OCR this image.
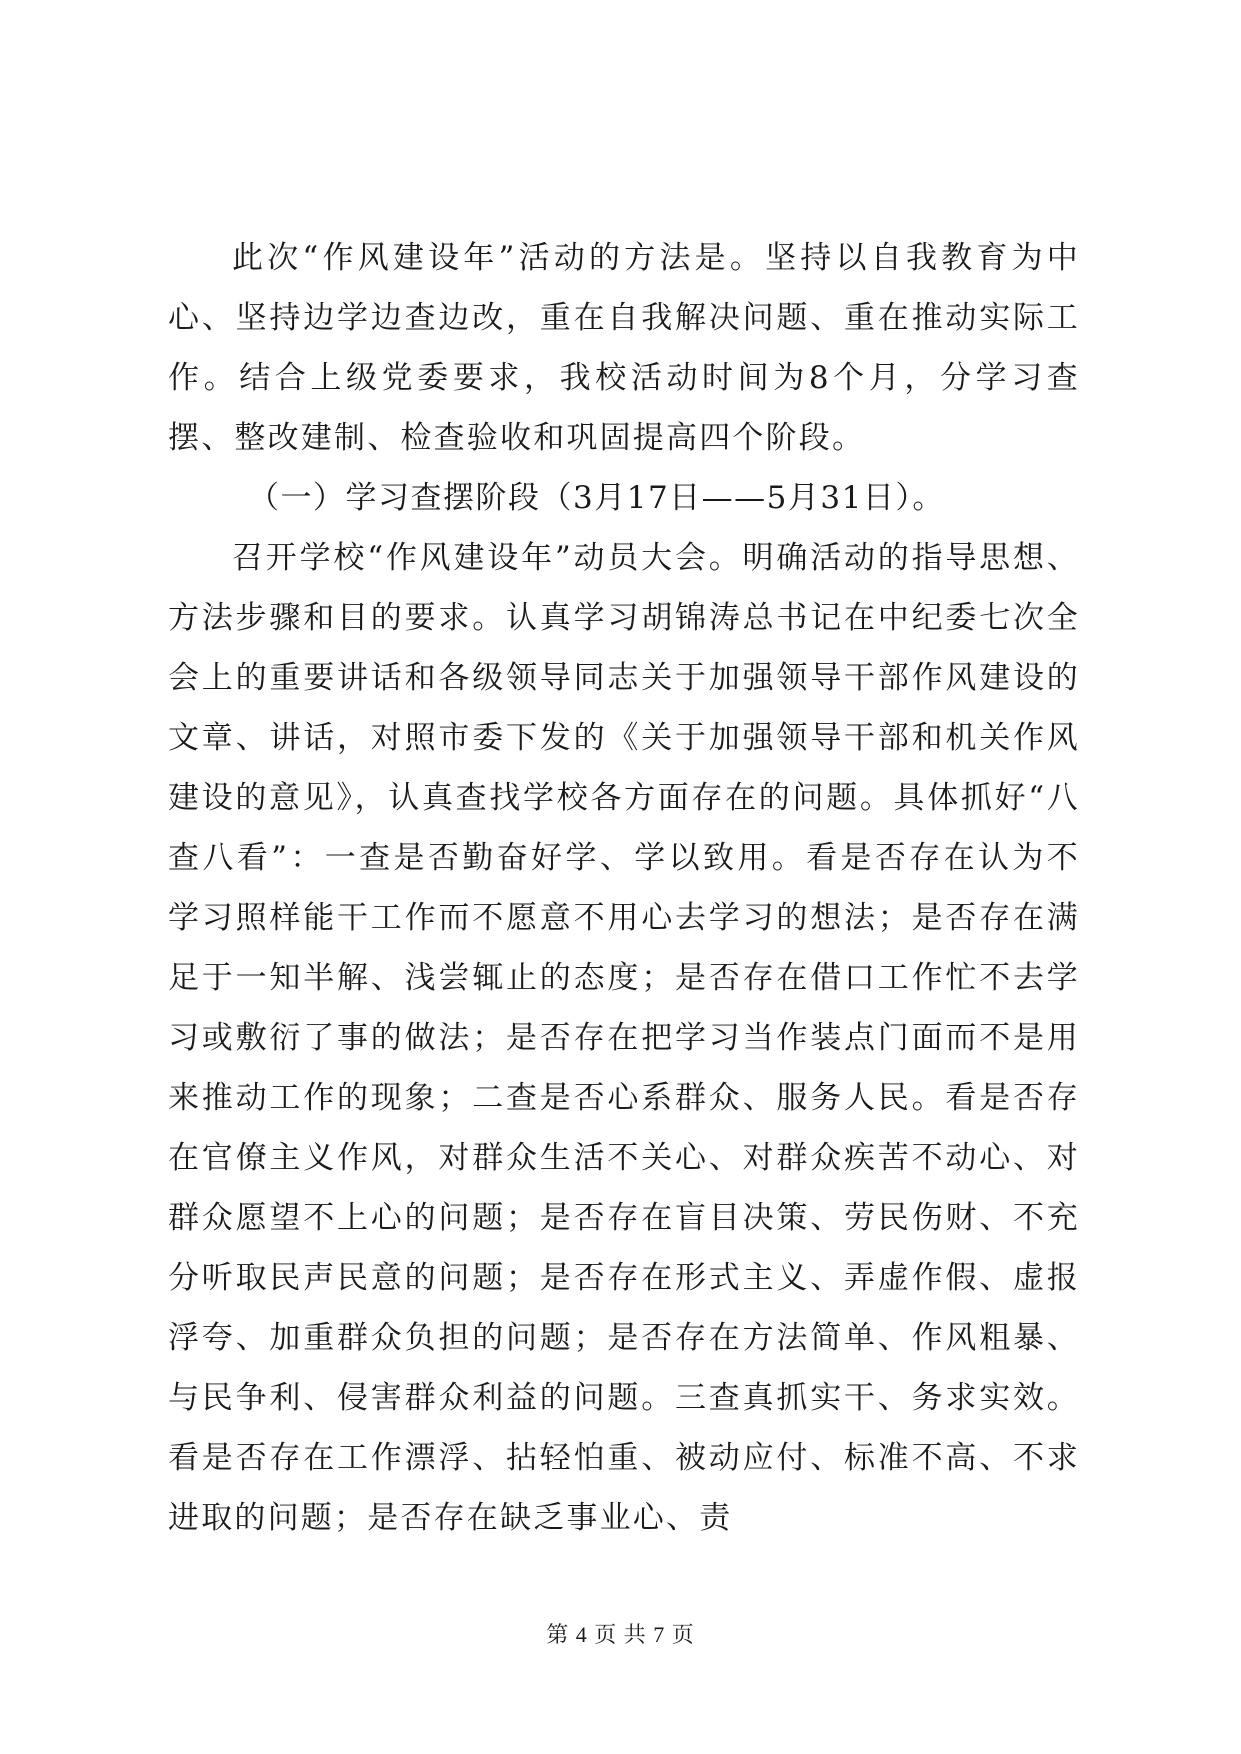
此次“作风建设年”活动的方法是。坚持以自我教育为中心、坚持边学边查边改，重在自我解决问题、重在推动实际工作。结合上级党委要求，我校活动时间为8个月，分学习查摆、整改建制、检查验收和巩固提高四个阶段。

（一）学习查摆阶段（3月17日——5月31日）。

召开学校“作风建设年”动员大会。明确活动的指导思想、方法步骤和目的要求。认真学习胡锦涛总书记在中纪委七次全会上的重要讲话和各级领导同志关于加强领导干部作风建设的文章、讲话，对照市委下发的《关于加强领导干部和机关作风建设的意见》，认真查找学校各方面存在的问题。具体抓好“八查八看”：一查是否勤奋好学、学以致用。看是否存在认为不学习照样能干工作而不愿意不用心去学习的想法；是否存在满足于一知半解、浅尝辄止的态度；是否存在借口工作忙不去学习或敷衍了事的做法；是否存在把学习当作装点门面而不是用来推动工作的现象；二查是否心系群众、服务人民。看是否存在官僚主义作风，对群众生活不关心、对群众疾苦不动心、对群众愿望不上心的问题；是否存在盲目决策、劳民伤财、不充分听取民声民意的问题；是否存在形式主义、弄虚作假、虚报浮夸、加重群众负担的问题；是否存在方法简单、作风粗暴、与民争利、侵害群众利益的问题。三查真抓实干、务求实效。看是否存在工作漂浮、拈轻怕重、被动应付、标准不高、不求进取的问题；是否存在缺乏事业心、责

第 4 页 共 7 页
